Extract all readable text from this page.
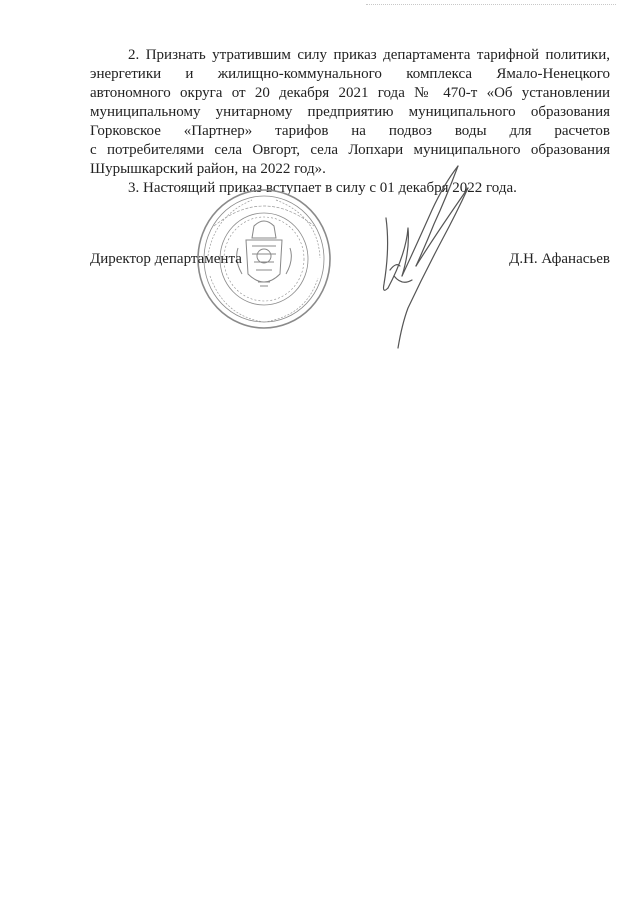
2. Признать утратившим силу приказ департамента тарифной политики,
энергетики и жилищно-коммунального комплекса Ямало-Ненецкого
автономного округа от 20 декабря 2021 года № 470-т «Об установлении
муниципальному унитарному предприятию муниципального образования
Горковское «Партнер» тарифов на подвоз воды для расчетов
с потребителями села Овгорт, села Лопхари муниципального образования
Шурышкарский район, на 2022 год».

3. Настоящий приказ вступает в силу с 01 декабря 2022 года.

Директор департамента	Д.Н. Афанасьев
